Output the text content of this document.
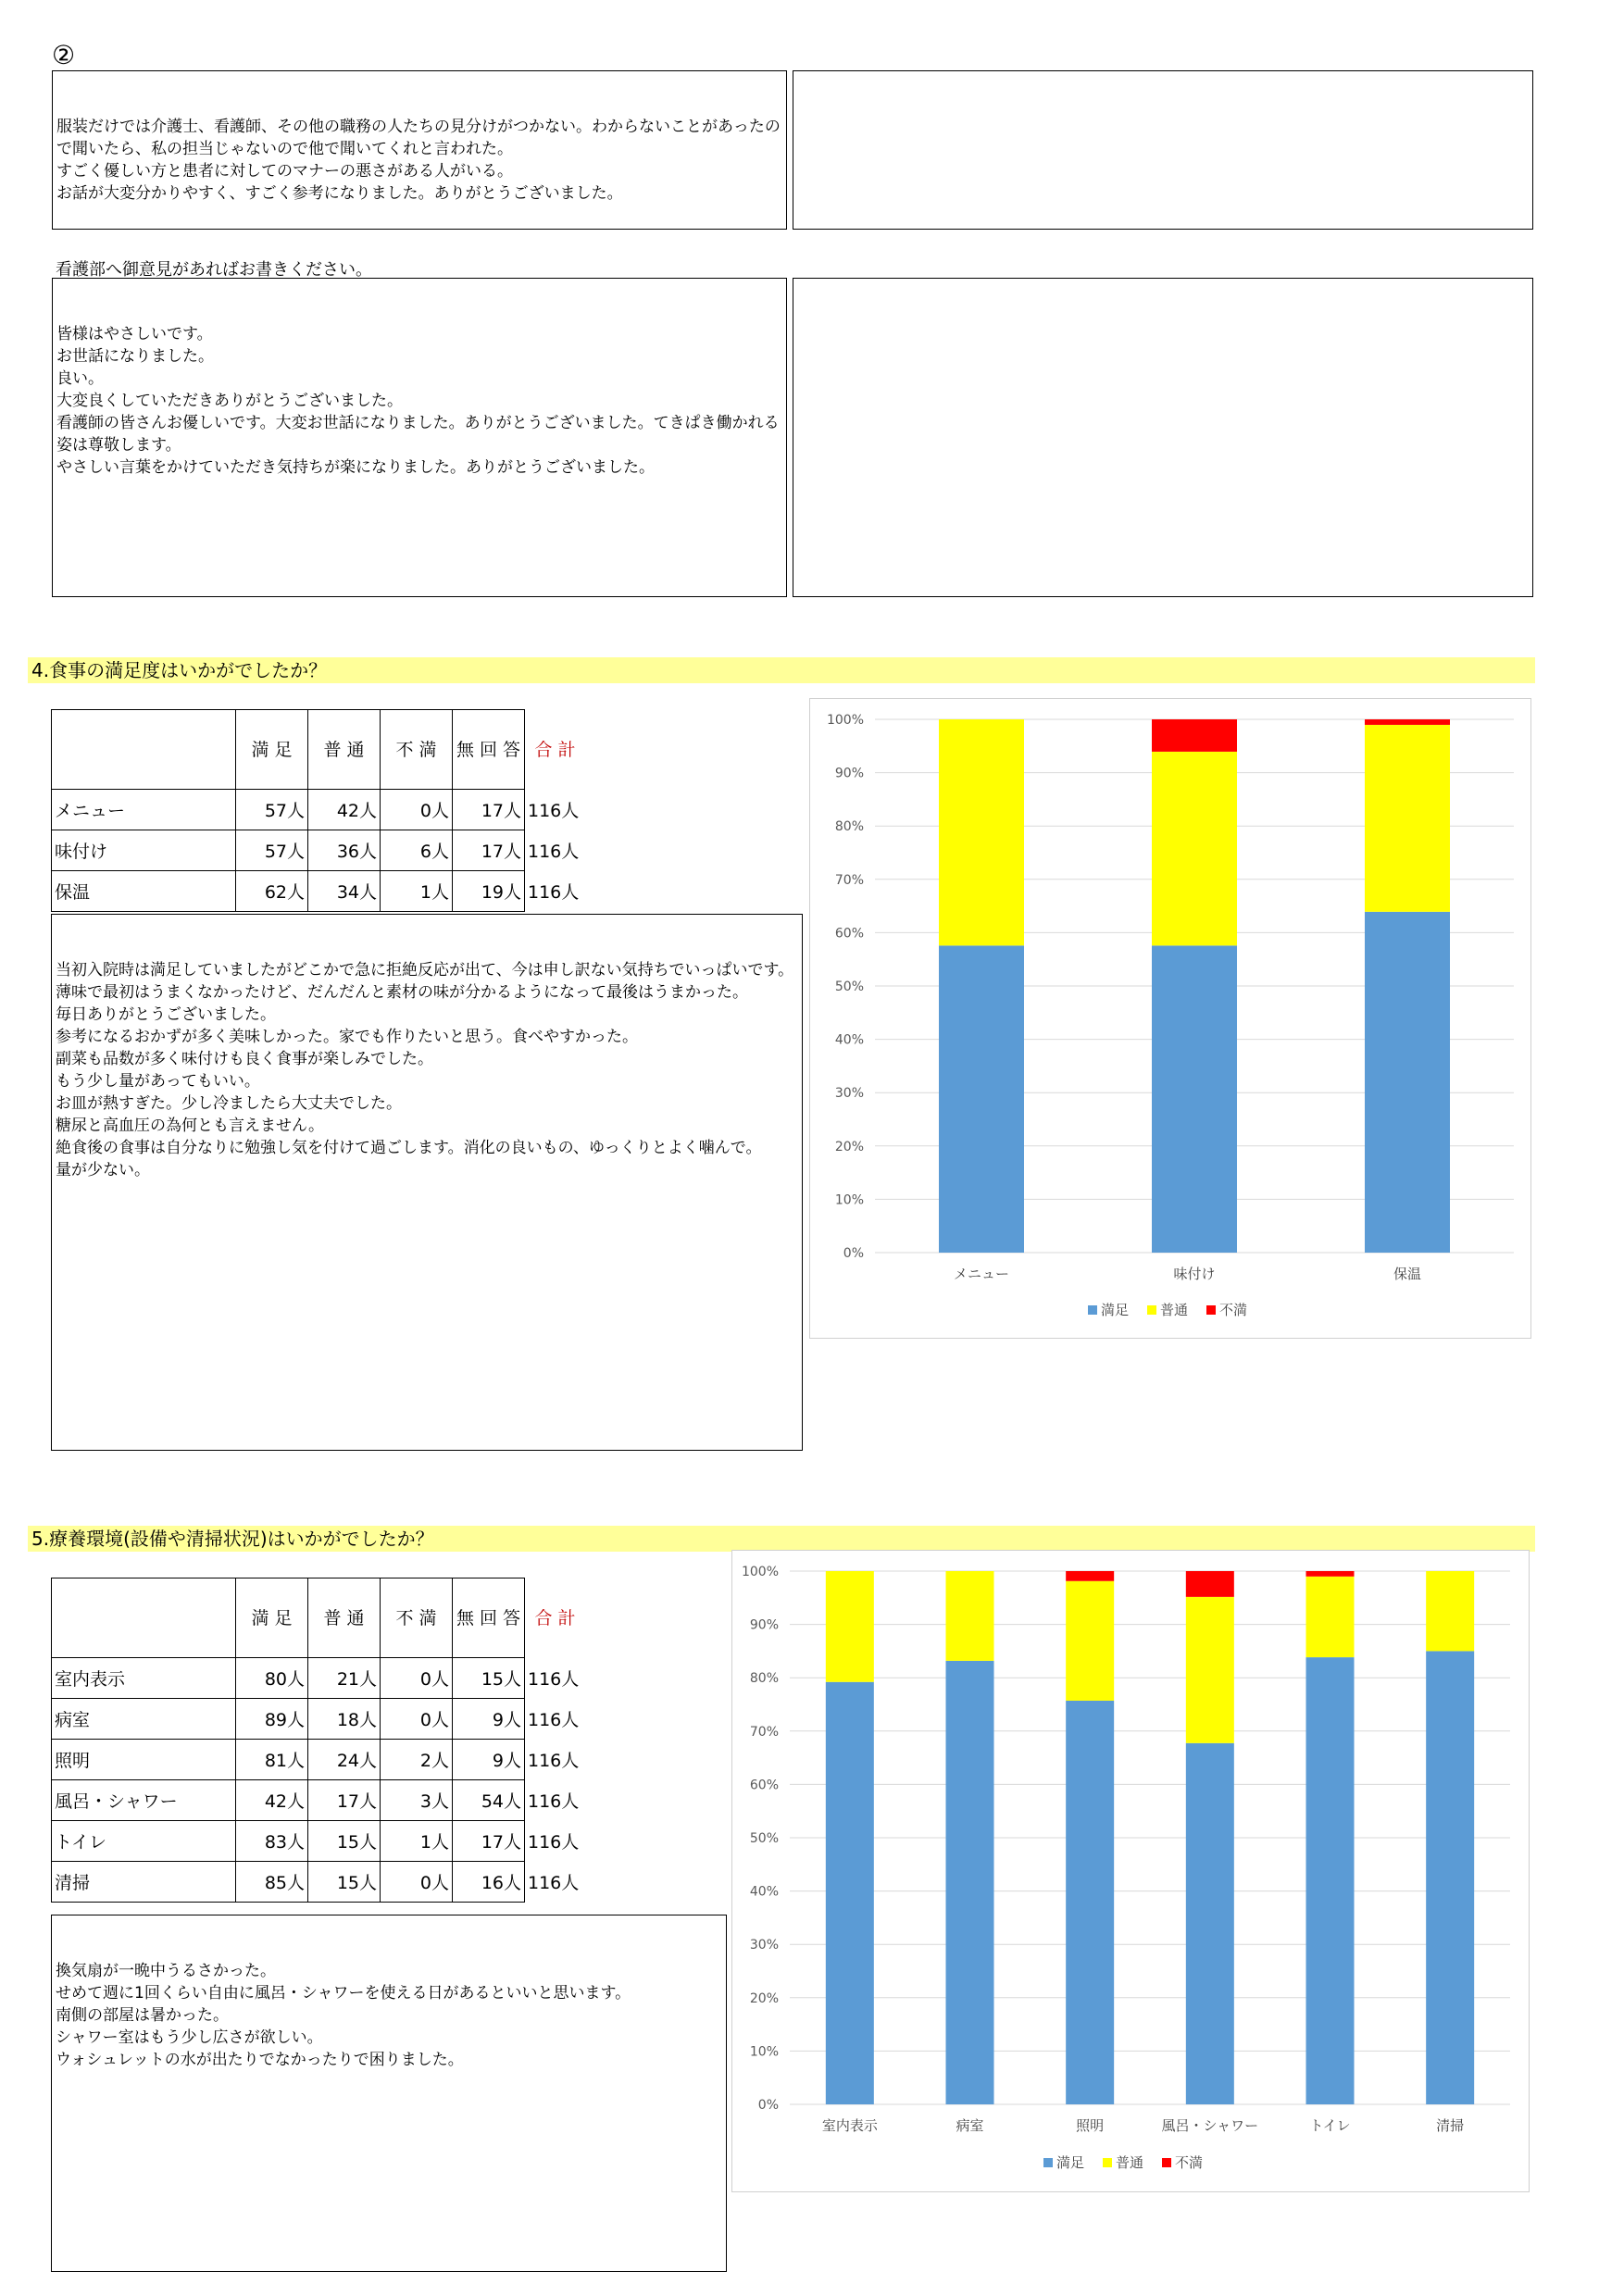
②

服装だけでは介護士、看護師、その他の職務の人たちの見分けがつかない。わからないことがあったので聞いたら、私の担当じゃないので他で聞いてくれと言われた。
すごく優しい方と患者に対してのマナーの悪さがある人がいる。
お話が大変分かりやすく、すごく参考になりました。ありがとうございました。

看護部へ御意見があればお書きください。

皆様はやさしいです。
お世話になりました。
良い。
大変良くしていただきありがとうございました。
看護師の皆さんお優しいです。大変お世話になりました。ありがとうございました。てきぱき働かれる姿は尊敬します。
やさしい言葉をかけていただき気持ちが楽になりました。ありがとうございました。

4.食事の満足度はいかがでしたか？
	満 足	普 通	不 満	無 回 答	合 計
メニュー	57人	42人	0人	17人	116人
味付け	57人	36人	6人	17人	116人
保温	62人	34人	1人	19人	116人

当初入院時は満足していましたがどこかで急に拒絶反応が出て、今は申し訳ない気持ちでいっぱいです。
薄味で最初はうまくなかったけど、だんだんと素材の味が分かるようになって最後はうまかった。
毎日ありがとうございました。
参考になるおかずが多く美味しかった。家でも作りたいと思う。食べやすかった。
副菜も品数が多く味付けも良く食事が楽しみでした。
もう少し量があってもいい。
お皿が熱すぎた。少し冷ましたら大丈夫でした。
糖尿と高血圧の為何とも言えません。
絶食後の食事は自分なりに勉強し気を付けて過ごします。消化の良いもの、ゆっくりとよく噛んで。
量が少ない。

0%
10%
20%
30%
40%
50%
60%
70%
80%
90%
100%
メニュー	味付け	保温
満足 普通 不満
5.療養環境(設備や清掃状況)はいかがでしたか？
	満 足	普 通	不 満	無 回 答	合 計
室内表示	80人	21人	0人	15人	116人
病室	89人	18人	0人	9人	116人
照明	81人	24人	2人	9人	116人
風呂・シャワー	42人	17人	3人	54人	116人
トイレ	83人	15人	1人	17人	116人
清掃	85人	15人	0人	16人	116人

換気扇が一晩中うるさかった。
せめて週に1回くらい自由に風呂・シャワーを使える日があるといいと思います。
南側の部屋は暑かった。
シャワー室はもう少し広さが欲しい。
ウォシュレットの水が出たりでなかったりで困りました。

0%
10%
20%
30%
40%
50%
60%
70%
80%
90%
100%
室内表示	病室	照明	風呂・シャワー	トイレ	清掃
満足 普通 不満
